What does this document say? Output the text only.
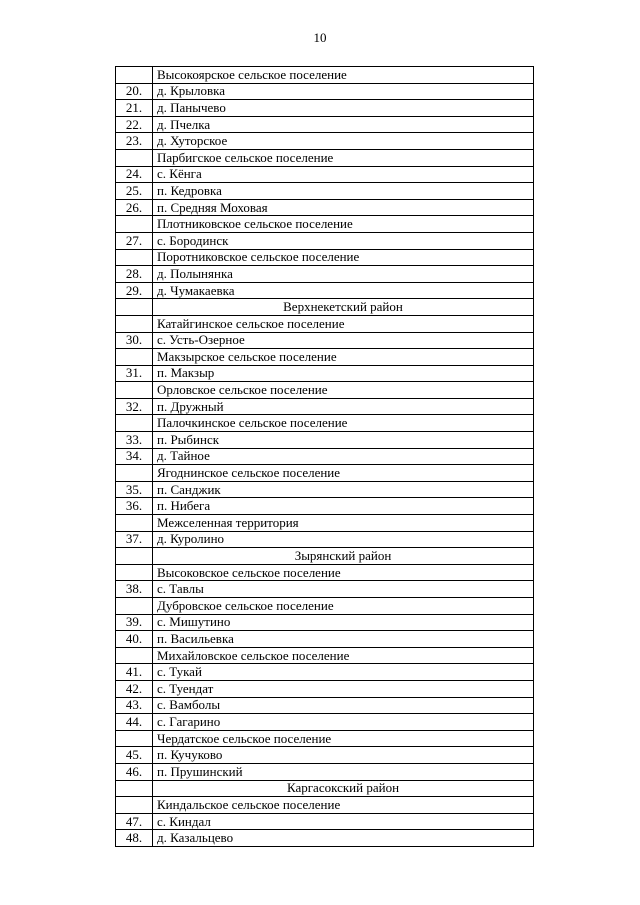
10
	Высокоярское сельское поселение
20.	д. Крыловка
21.	д. Панычево
22.	д. Пчелка
23.	д. Хуторское
	Парбигское сельское поселение
24.	с. Кёнга
25.	п. Кедровка
26.	п. Средняя Моховая
	Плотниковское сельское поселение
27.	с. Бородинск
	Поротниковское сельское поселение
28.	д. Полынянка
29.	д. Чумакаевка
	Верхнекетский район
	Катайгинское сельское поселение
30.	с. Усть-Озерное
	Макзырское сельское поселение
31.	п. Макзыр
	Орловское сельское поселение
32.	п. Дружный
	Палочкинское сельское поселение
33.	п. Рыбинск
34.	д. Тайное
	Ягоднинское сельское поселение
35.	п. Санджик
36.	п. Нибега
	Межселенная территория
37.	д. Куролино
	Зырянский район
	Высоковское сельское поселение
38.	с. Тавлы
	Дубровское сельское поселение
39.	с. Мишутино
40.	п. Васильевка
	Михайловское сельское поселение
41.	с. Тукай
42.	с. Туендат
43.	с. Вамболы
44.	с. Гагарино
	Чердатское сельское поселение
45.	п. Кучуково
46.	п. Прушинский
	Каргасокский район
	Киндальское сельское поселение
47.	с. Киндал
48.	д. Казальцево
